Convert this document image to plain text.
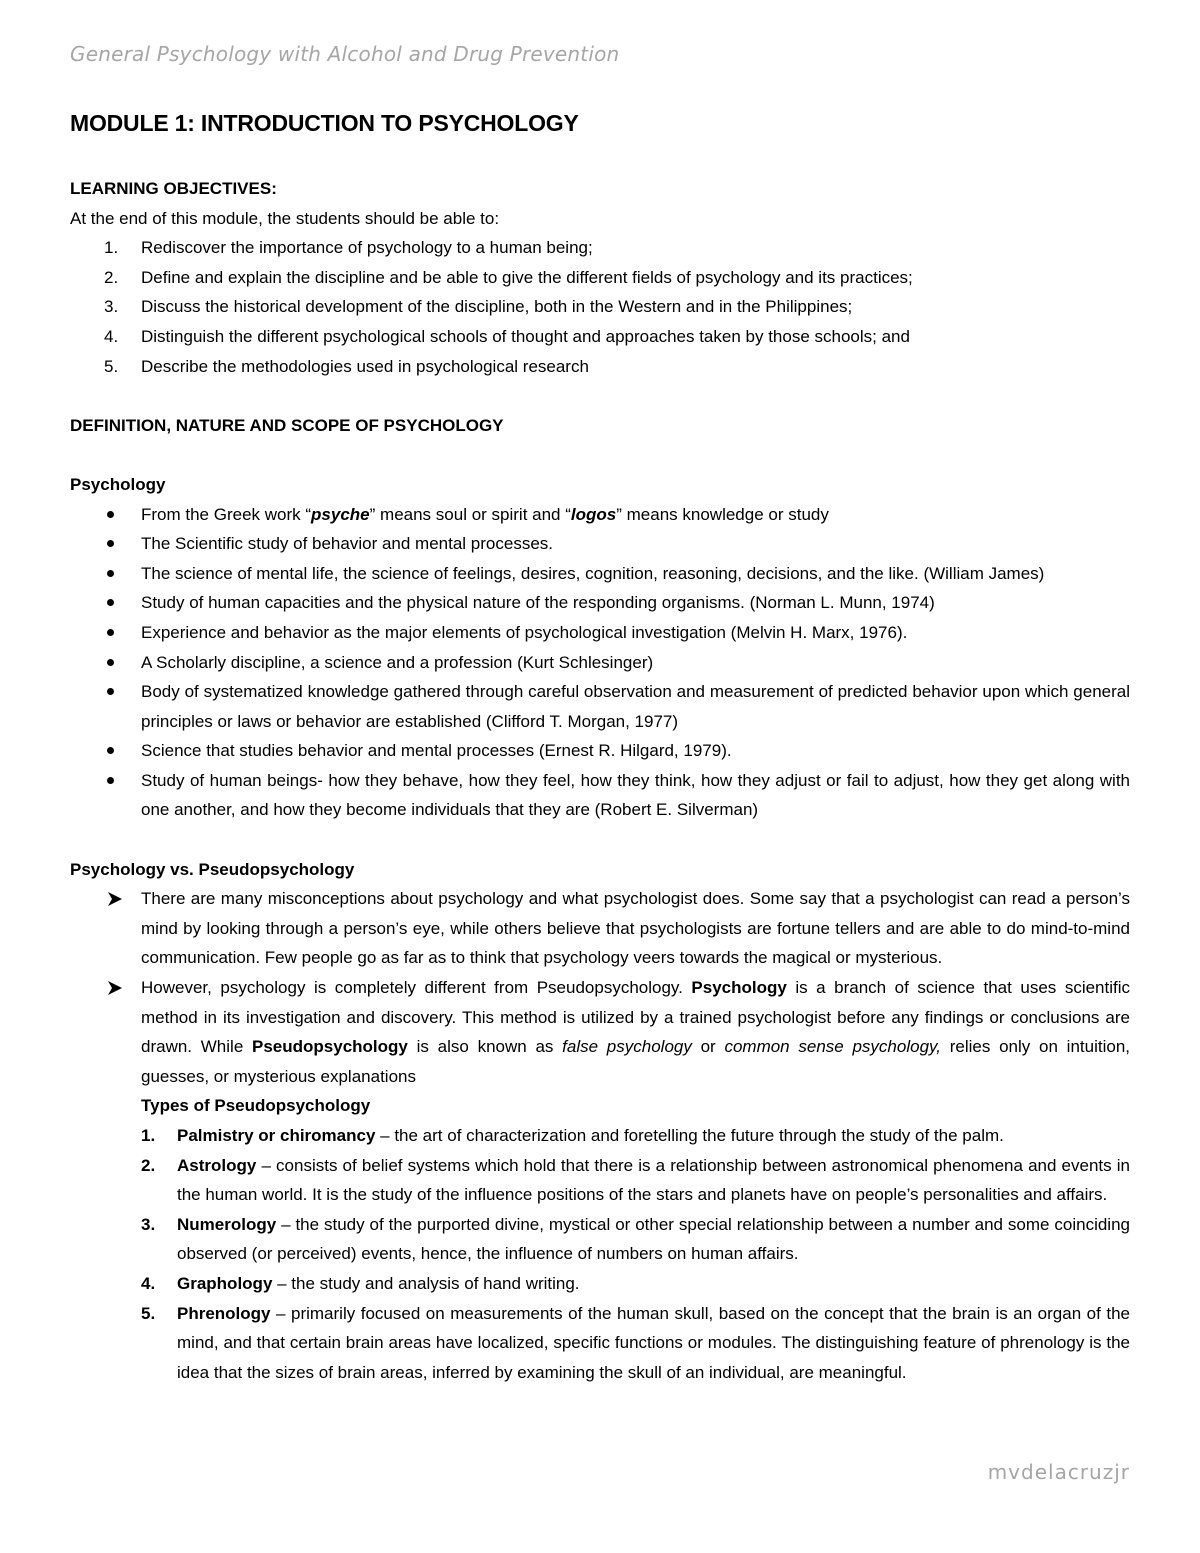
General Psychology with Alcohol and Drug Prevention
MODULE 1: INTRODUCTION TO PSYCHOLOGY

LEARNING OBJECTIVES:

At the end of this module, the students should be able to:

1.	Rediscover the importance of psychology to a human being;
2.	Define and explain the discipline and be able to give the different fields of psychology and its practices;
3.	Discuss the historical development of the discipline, both in the Western and in the Philippines;
4.	Distinguish the different psychological schools of thought and approaches taken by those schools; and
5.	Describe the methodologies used in psychological research

DEFINITION, NATURE AND SCOPE OF PSYCHOLOGY

Psychology

From the Greek work “psyche” means soul or spirit and “logos” means knowledge or study
The Scientific study of behavior and mental processes.
The science of mental life, the science of feelings, desires, cognition, reasoning, decisions, and the like. (William James)
Study of human capacities and the physical nature of the responding organisms. (Norman L. Munn, 1974)
Experience and behavior as the major elements of psychological investigation (Melvin H. Marx, 1976).
A Scholarly discipline, a science and a profession (Kurt Schlesinger)
Body of systematized knowledge gathered through careful observation and measurement of predicted behavior upon which general principles or laws or behavior are established (Clifford T. Morgan, 1977)
Science that studies behavior and mental processes (Ernest R. Hilgard, 1979).
Study of human beings- how they behave, how they feel, how they think, how they adjust or fail to adjust, how they get along with one another, and how they become individuals that they are (Robert E. Silverman)

Psychology vs. Pseudopsychology

There are many misconceptions about psychology and what psychologist does. Some say that a psychologist can read a person’s mind by looking through a person’s eye, while others believe that psychologists are fortune tellers and are able to do mind-to-mind communication. Few people go as far as to think that psychology veers towards the magical or mysterious.
However, psychology is completely different from Pseudopsychology. Psychology is a branch of science that uses scientific method in its investigation and discovery. This method is utilized by a trained psychologist before any findings or conclusions are drawn. While Pseudopsychology is also known as false psychology or common sense psychology, relies only on intuition, guesses, or mysterious explanations

Types of Pseudopsychology

1. Palmistry or chiromancy – the art of characterization and foretelling the future through the study of the palm.
2. Astrology – consists of belief systems which hold that there is a relationship between astronomical phenomena and events in the human world. It is the study of the influence positions of the stars and planets have on people’s personalities and affairs.
3. Numerology – the study of the purported divine, mystical or other special relationship between a number and some coinciding observed (or perceived) events, hence, the influence of numbers on human affairs.
4. Graphology – the study and analysis of hand writing.
5. Phrenology – primarily focused on measurements of the human skull, based on the concept that the brain is an organ of the mind, and that certain brain areas have localized, specific functions or modules. The distinguishing feature of phrenology is the idea that the sizes of brain areas, inferred by examining the skull of an individual, are meaningful.
mvdelacruzjr
